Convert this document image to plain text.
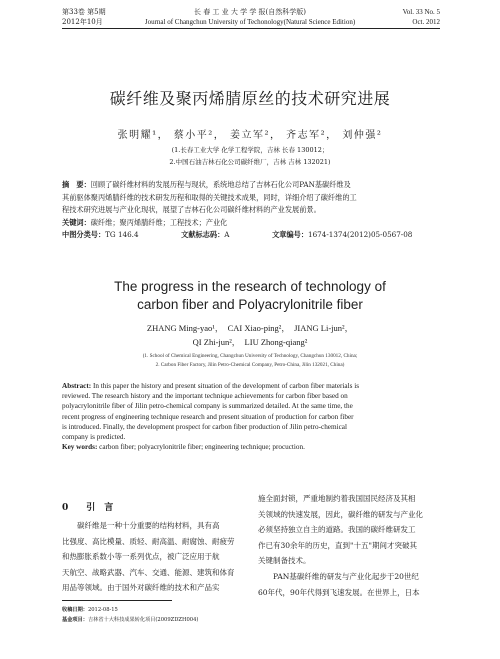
第33卷 第5期
2012年10月
长 春 工 业 大 学 学 报(自然科学版)
Journal of Changchun University of Techonology(Natural Science Edition)
Vol. 33 No. 5
Oct. 2012
碳纤维及聚丙烯腈原丝的技术研究进展
张明耀¹， 蔡小平²， 姜立军²， 齐志军²， 刘仲强²
(1.长春工业大学 化学工程学院，吉林 长春 130012；
2.中国石油吉林石化公司碳纤维厂，吉林 吉林 132021)
摘　要：回顾了碳纤维材料的发展历程与现状，系统地总结了吉林石化公司PAN基碳纤维及
其前驱体聚丙烯腈纤维的技术研发历程和取得的关键技术成果，同时，详细介绍了碳纤维的工
程技术研究进展与产业化现状，展望了吉林石化公司碳纤维材料的产业发展前景。
关键词：碳纤维；聚丙烯腈纤维；工程技术；产业化
中图分类号：TG 146.4	文献标志码：A	文章编号：1674-1374(2012)05-0567-08
The progress in the research of technology of
carbon fiber and Polyacrylonitrile fiber
ZHANG Ming-yao¹，　CAI Xiao-ping²，　JIANG Li-jun²，
QI Zhi-jun²，　LIU Zhong-qiang²
(1. School of Chemical Engineering, Changchun University of Technology, Changchun 130012, China;
2. Carbon Fiber Factory, Jilin Petro-Chemical Company, Petro-China, Jilin 132021, China)
Abstract: In this paper the history and present situation of the development of carbon fiber materials is
reviewed. The research history and the important technique achievements for carbon fiber based on
polyacrylonitrile fiber of Jilin petro-chemical company is summarized detailed. At the same time, the
recent progress of engineering technique research and present situation of production for carbon fiber
is introduced. Finally, the development prospect for carbon fiber production of Jilin petro-chemical
company is predicted.
Key words: carbon fiber; polyacrylonitrile fiber; engineering technique; procuction.
0 引　言
　　碳纤维是一种十分重要的结构材料，具有高
比强度、高比模量、质轻、耐高温、耐腐蚀、耐疲劳
和热膨胀系数小等一系列优点，被广泛应用于航
天航空、战略武器、汽车、交通、能源、建筑和体育
用品等领域。由于国外对碳纤维的技术和产品实
收稿日期：2012-08-15
基金项目：吉林省十大科技成果转化项目(2009ZDZH004)
施全面封锁，严重地制约着我国国民经济及其相
关领域的快速发展，因此，碳纤维的研发与产业化
必须坚持独立自主的道路。我国的碳纤维研发工
作已有30余年的历史，直到"十五"期间才突破其
关键制备技术。
　　PAN基碳纤维的研发与产业化起步于20世纪
60年代，90年代得到飞速发展。在世界上，日本
